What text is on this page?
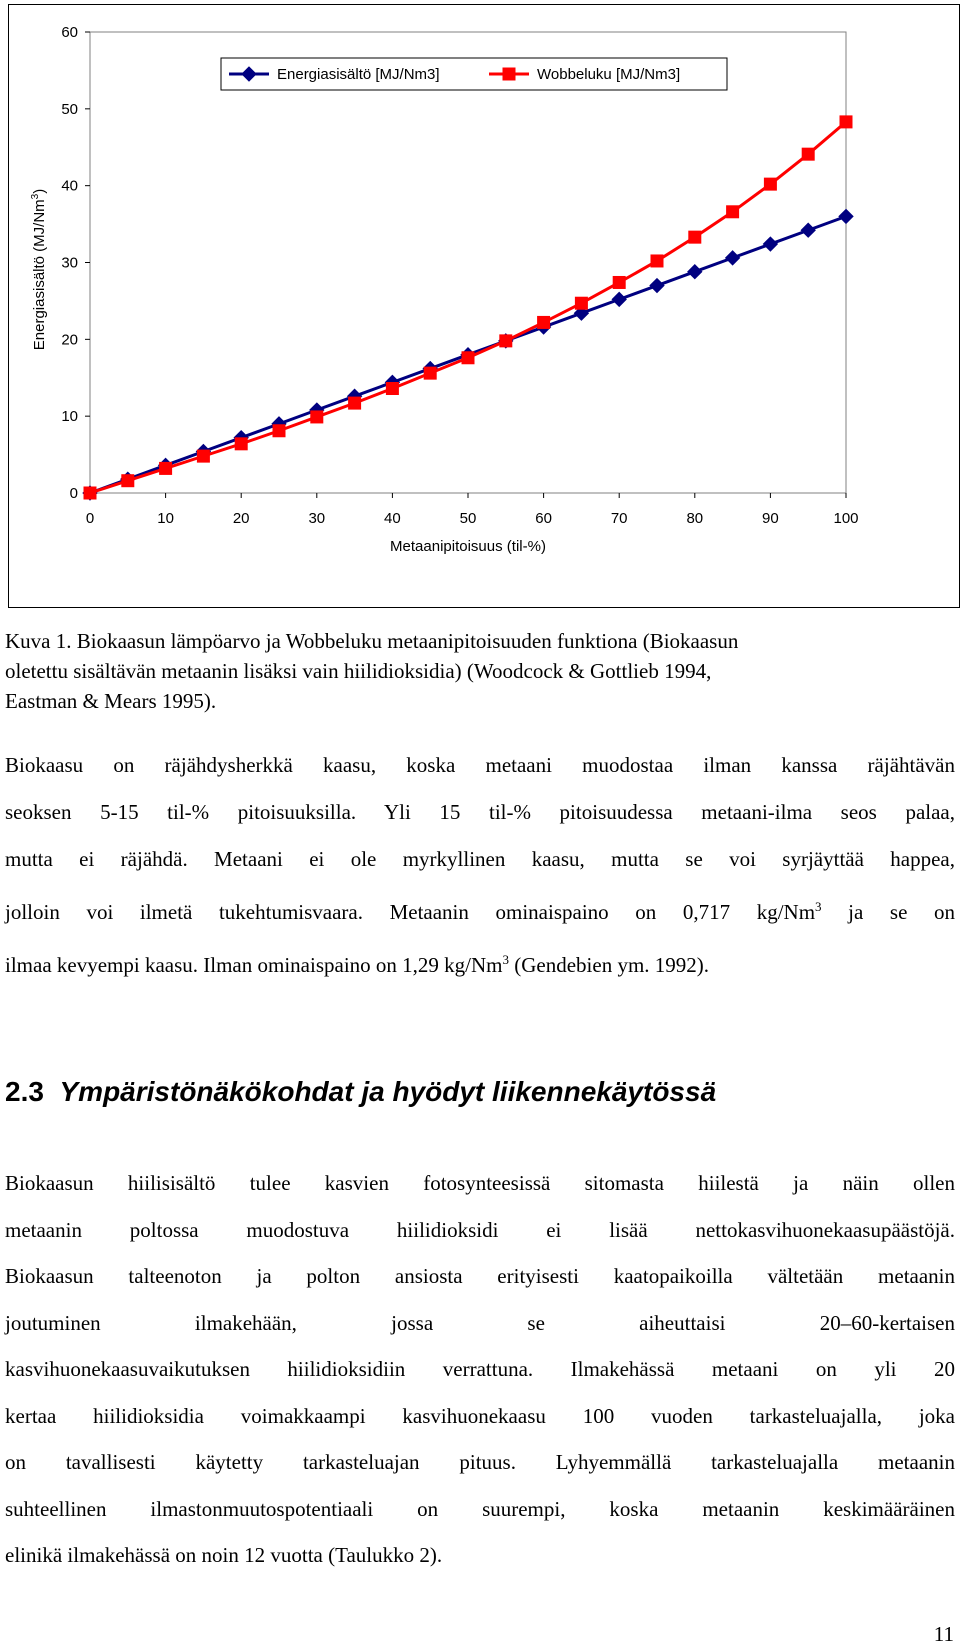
0
10
20
30
40
50
60
0	10	20	30	40	50	60	70	80	90	100
Metaanipitoisuus (til-%)
Energiasisältö (MJ/Nm$^3$)
Energiasisältö [MJ/Nm3]	Wobbeluku [MJ/Nm3]

Kuva 1. Biokaasun lämpöarvo ja Wobbeluku metaanipitoisuuden funktiona (Biokaasun
oletettu sisältävän metaanin lisäksi vain hiilidioksidia) (Woodcock & Gottlieb 1994,
Eastman & Mears 1995).

Biokaasu on räjähdysherkkä kaasu, koska metaani muodostaa ilman kanssa räjähtävän
seoksen 5-15 til-% pitoisuuksilla. Yli 15 til-% pitoisuudessa metaani-ilma seos palaa,
mutta ei räjähdä. Metaani ei ole myrkyllinen kaasu, mutta se voi syrjäyttää happea,
jolloin voi ilmetä tukehtumisvaara. Metaanin ominaispaino on 0,717 kg/Nm$^3$ ja se on
ilmaa kevyempi kaasu. Ilman ominaispaino on 1,29 kg/Nm$^3$ (Gendebien ym. 1992).
2.3 Ympäristönäkökohdat ja hyödyt liikennekäytössä
Biokaasun hiilisisältö tulee kasvien fotosynteesissä sitomasta hiilestä ja näin ollen
metaanin poltossa muodostuva hiilidioksidi ei lisää nettokasvihuonekaasupäästöjä.
Biokaasun talteenoton ja polton ansiosta erityisesti kaatopaikoilla vältetään metaanin
joutuminen ilmakehään, jossa se aiheuttaisi 20–60-kertaisen
kasvihuonekaasuvaikutuksen hiilidioksidiin verrattuna. Ilmakehässä metaani on yli 20
kertaa hiilidioksidia voimakkaampi kasvihuonekaasu 100 vuoden tarkasteluajalla, joka
on tavallisesti käytetty tarkasteluajan pituus. Lyhyemmällä tarkasteluajalla metaanin
suhteellinen ilmastonmuutospotentiaali on suurempi, koska metaanin keskimääräinen
elinikä ilmakehässä on noin 12 vuotta (Taulukko 2).
11
